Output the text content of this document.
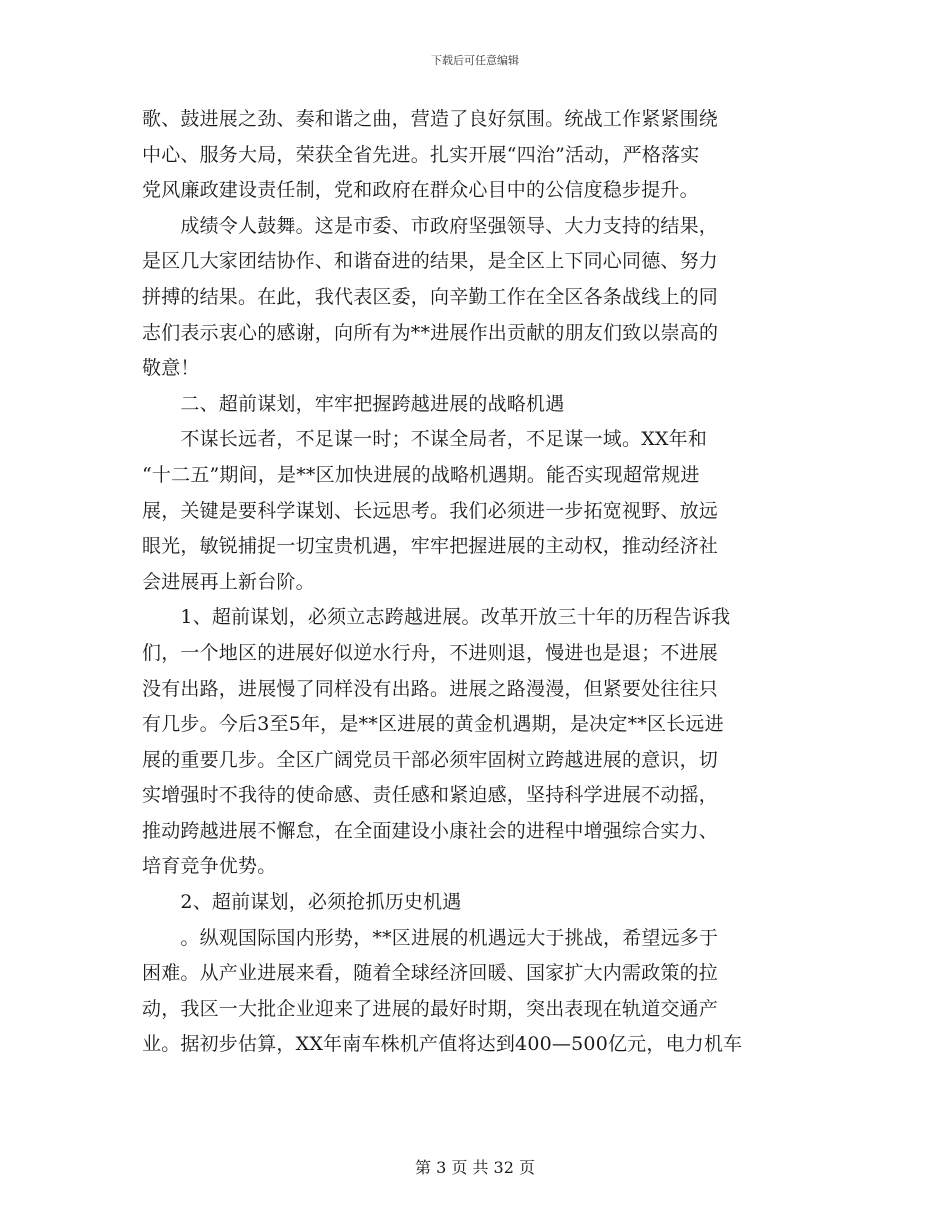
下载后可任意编辑
歌、鼓进展之劲、奏和谐之曲，营造了良好氛围。统战工作紧紧围绕
中心、服务大局，荣获全省先进。扎实开展“四治”活动，严格落实
党风廉政建设责任制，党和政府在群众心目中的公信度稳步提升。
　　成绩令人鼓舞。这是市委、市政府坚强领导、大力支持的结果，
是区几大家团结协作、和谐奋进的结果，是全区上下同心同德、努力
拼搏的结果。在此，我代表区委，向辛勤工作在全区各条战线上的同
志们表示衷心的感谢，向所有为**进展作出贡献的朋友们致以崇高的
敬意！
　　二、超前谋划，牢牢把握跨越进展的战略机遇
　　不谋长远者，不足谋一时；不谋全局者，不足谋一域。XX年和
“十二五”期间，是**区加快进展的战略机遇期。能否实现超常规进
展，关键是要科学谋划、长远思考。我们必须进一步拓宽视野、放远
眼光，敏锐捕捉一切宝贵机遇，牢牢把握进展的主动权，推动经济社
会进展再上新台阶。
　　1、超前谋划，必须立志跨越进展。改革开放三十年的历程告诉我
们，一个地区的进展好似逆水行舟，不进则退，慢进也是退；不进展
没有出路，进展慢了同样没有出路。进展之路漫漫，但紧要处往往只
有几步。今后3至5年，是**区进展的黄金机遇期，是决定**区长远进
展的重要几步。全区广阔党员干部必须牢固树立跨越进展的意识，切
实增强时不我待的使命感、责任感和紧迫感，坚持科学进展不动摇，
推动跨越进展不懈怠，在全面建设小康社会的进程中增强综合实力、
培育竞争优势。
　　2、超前谋划，必须抢抓历史机遇
　　。纵观国际国内形势，**区进展的机遇远大于挑战，希望远多于
困难。从产业进展来看，随着全球经济回暖、国家扩大内需政策的拉
动，我区一大批企业迎来了进展的最好时期，突出表现在轨道交通产
业。据初步估算，XX年南车株机产值将达到400—500亿元，电力机车
第 3 页 共 32 页
